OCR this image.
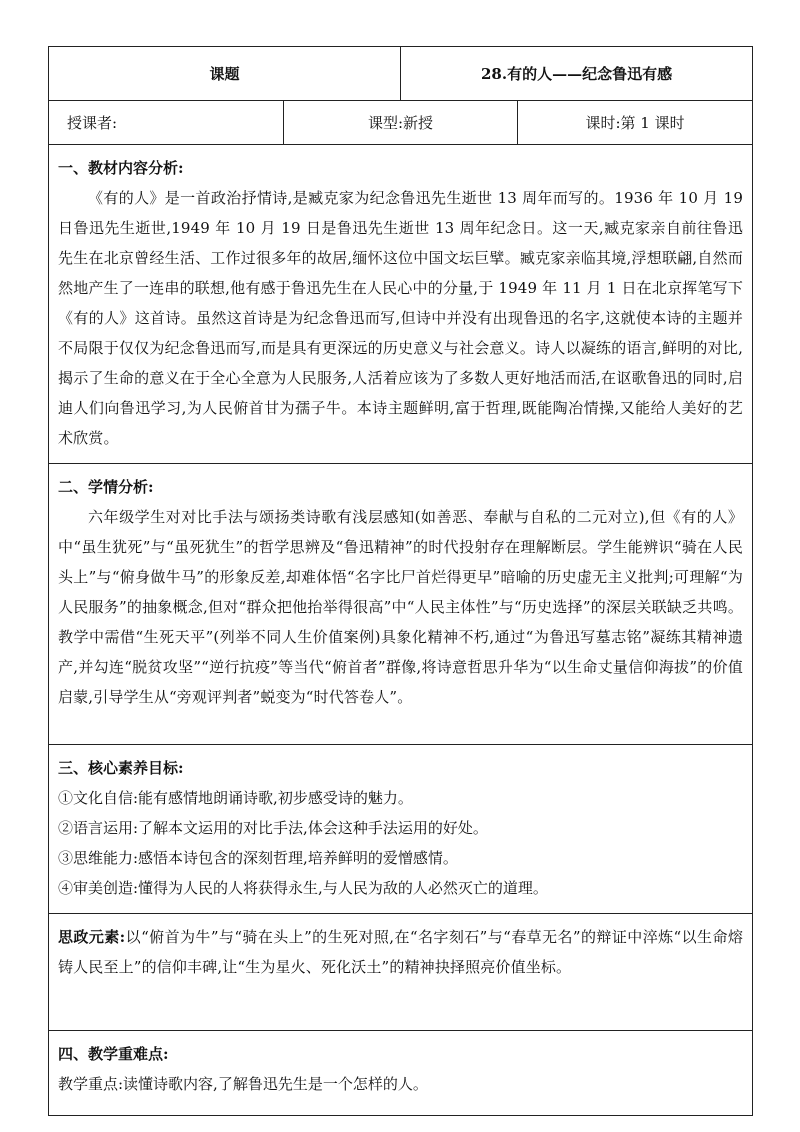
课题		28.有的人——纪念鲁迅有感	
授课者:	课型:新授		课时:第 1 课时

一、教材内容分析:

《有的人》是一首政治抒情诗,是臧克家为纪念鲁迅先生逝世 13 周年而写的。1936 年 10 月 19 日鲁迅先生逝世,1949 年 10 月 19 日是鲁迅先生逝世 13 周年纪念日。这一天,臧克家亲自前往鲁迅先生在北京曾经生活、工作过很多年的故居,缅怀这位中国文坛巨擘。臧克家亲临其境,浮想联翩,自然而然地产生了一连串的联想,他有感于鲁迅先生在人民心中的分量,于 1949 年 11 月 1 日在北京挥笔写下《有的人》这首诗。虽然这首诗是为纪念鲁迅而写,但诗中并没有出现鲁迅的名字,这就使本诗的主题并不局限于仅仅为纪念鲁迅而写,而是具有更深远的历史意义与社会意义。诗人以凝练的语言,鲜明的对比,揭示了生命的意义在于全心全意为人民服务,人活着应该为了多数人更好地活而活,在讴歌鲁迅的同时,启迪人们向鲁迅学习,为人民俯首甘为孺子牛。本诗主题鲜明,富于哲理,既能陶冶情操,又能给人美好的艺术欣赏。			

二、学情分析:

六年级学生对对比手法与颂扬类诗歌有浅层感知(如善恶、奉献与自私的二元对立),但《有的人》中“虽生犹死”与“虽死犹生”的哲学思辨及“鲁迅精神”的时代投射存在理解断层。学生能辨识“骑在人民头上”与“俯身做牛马”的形象反差,却难体悟“名字比尸首烂得更早”暗喻的历史虚无主义批判;可理解“为人民服务”的抽象概念,但对“群众把他抬举得很高”中“人民主体性”与“历史选择”的深层关联缺乏共鸣。教学中需借“生死天平”(列举不同人生价值案例)具象化精神不朽,通过“为鲁迅写墓志铭”凝练其精神遗产,并勾连“脱贫攻坚”“逆行抗疫”等当代“俯首者”群像,将诗意哲思升华为“以生命丈量信仰海拔”的价值启蒙,引导学生从“旁观评判者”蜕变为“时代答卷人”。			

三、核心素养目标:

①文化自信:能有感情地朗诵诗歌,初步感受诗的魅力。

②语言运用:了解本文运用的对比手法,体会这种手法运用的好处。

③思维能力:感悟本诗包含的深刻哲理,培养鲜明的爱憎感情。

④审美创造:懂得为人民的人将获得永生,与人民为敌的人必然灭亡的道理。			

思政元素:以“俯首为牛”与“骑在头上”的生死对照,在“名字刻石”与“春草无名”的辩证中淬炼“以生命熔铸人民至上”的信仰丰碑,让“生为星火、死化沃土”的精神抉择照亮价值坐标。			

四、教学重难点:

教学重点:读懂诗歌内容,了解鲁迅先生是一个怎样的人。			
